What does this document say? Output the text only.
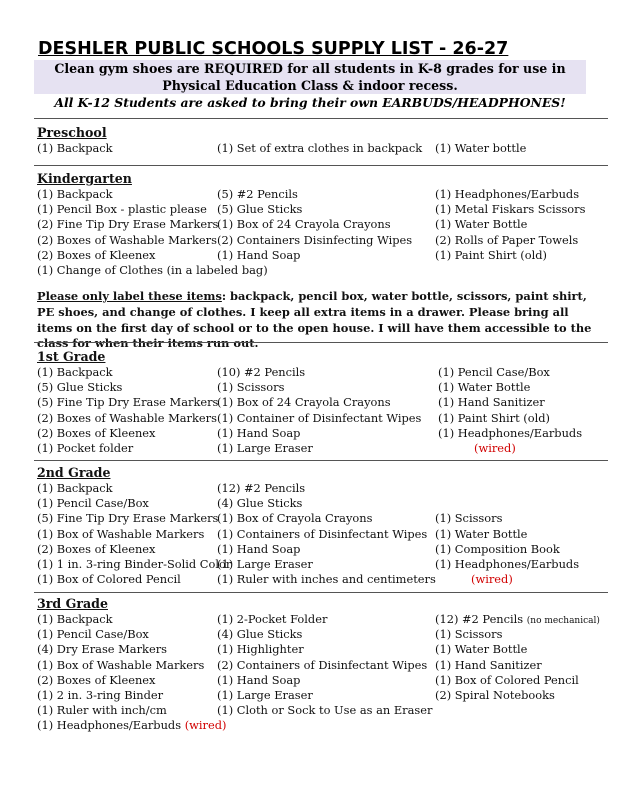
DESHLER PUBLIC SCHOOLS SUPPLY LIST - 26-27
Clean gym shoes are REQUIRED for all students in K-8 grades for use in Physical Education Class & indoor recess.
All K-12 Students are asked to bring their own EARBUDS/HEADPHONES!
Preschool
(1) Backpack	(1) Set of extra clothes in backpack (1) Water bottle
Kindergarten
(1) Backpack
(1) Pencil Box - plastic please
(2) Fine Tip Dry Erase Markers
(2) Boxes of Washable Markers
(2) Boxes of Kleenex
(1) Change of Clothes (in a labeled bag)
(5) #2 Pencils
(5) Glue Sticks
(1) Box of 24 Crayola Crayons
(2) Containers Disinfecting Wipes
(1) Hand Soap
(1) Headphones/Earbuds
(1) Metal Fiskars Scissors
(1) Water Bottle
(2) Rolls of Paper Towels
(1) Paint Shirt (old)
Please only label these items: backpack, pencil box, water bottle, scissors, paint shirt, PE shoes, and change of clothes. I keep all extra items in a drawer. Please bring all items on the first day of school or to the open house. I will have them accessible to the class for when their items run out.
1st Grade
(1) Backpack
(5) Glue Sticks
(5) Fine Tip Dry Erase Markers
(2) Boxes of Washable Markers
(2) Boxes of Kleenex
(1) Pocket folder
(10) #2 Pencils
(1) Scissors
(1) Box of 24 Crayola Crayons
(1) Container of Disinfectant Wipes
(1) Hand Soap
(1) Large Eraser
(1) Pencil Case/Box
(1) Water Bottle
(1) Hand Sanitizer
(1) Paint Shirt (old)
(1) Headphones/Earbuds
(wired)
2nd Grade
(1) Backpack
(1) Pencil Case/Box
(5) Fine Tip Dry Erase Markers
(1) Box of Washable Markers
(2) Boxes of Kleenex
(1) 1 in. 3-ring Binder-Solid Color
(1) Box of Colored Pencil
(12) #2 Pencils
(4) Glue Sticks
(1) Box of Crayola Crayons
(1) Containers of Disinfectant Wipes
(1) Hand Soap
(1) Large Eraser
(1) Ruler with inches and centimeters
(1) Scissors
(1) Water Bottle
(1) Composition Book
(1) Headphones/Earbuds
(wired)
3rd Grade
(1) Backpack
(1) Pencil Case/Box
(4) Dry Erase Markers
(1) Box of Washable Markers
(2) Boxes of Kleenex
(1) 2 in. 3-ring Binder
(1) Ruler with inch/cm
(1) Headphones/Earbuds (wired)
(1) 2-Pocket Folder
(4) Glue Sticks
(1) Highlighter
(2) Containers of Disinfectant Wipes
(1) Hand Soap
(1) Large Eraser
(1) Cloth or Sock to Use as an Eraser
(12) #2 Pencils (no mechanical)
(1) Scissors
(1) Water Bottle
(1) Hand Sanitizer
(1) Box of Colored Pencil
(2) Spiral Notebooks
